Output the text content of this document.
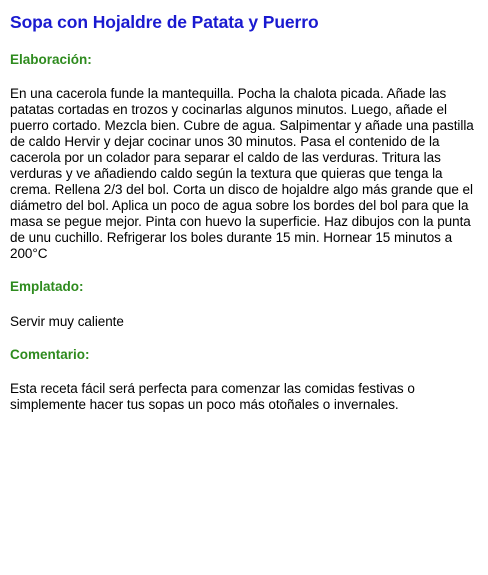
Sopa con Hojaldre de Patata y Puerro
Elaboración:

En una cacerola funde la mantequilla. Pocha la chalota picada. Añade las patatas cortadas en trozos y cocinarlas algunos minutos. Luego, añade el puerro cortado. Mezcla bien. Cubre de agua. Salpimentar y añade una pastilla de caldo Hervir y dejar cocinar unos 30 minutos. Pasa el contenido de la cacerola por un colador para separar el caldo de las verduras. Tritura las verduras y ve añadiendo caldo según la textura que quieras que tenga la crema. Rellena 2/3 del bol. Corta un disco de hojaldre algo más grande que el diámetro del bol. Aplica un poco de agua sobre los bordes del bol para que la masa se pegue mejor. Pinta con huevo la superficie. Haz dibujos con la punta de unu cuchillo. Refrigerar los boles durante 15 min. Hornear 15 minutos a 200°C

Emplatado:

Servir muy caliente

Comentario:

Esta receta fácil será perfecta para comenzar las comidas festivas o simplemente hacer tus sopas un poco más otoñales o invernales.
